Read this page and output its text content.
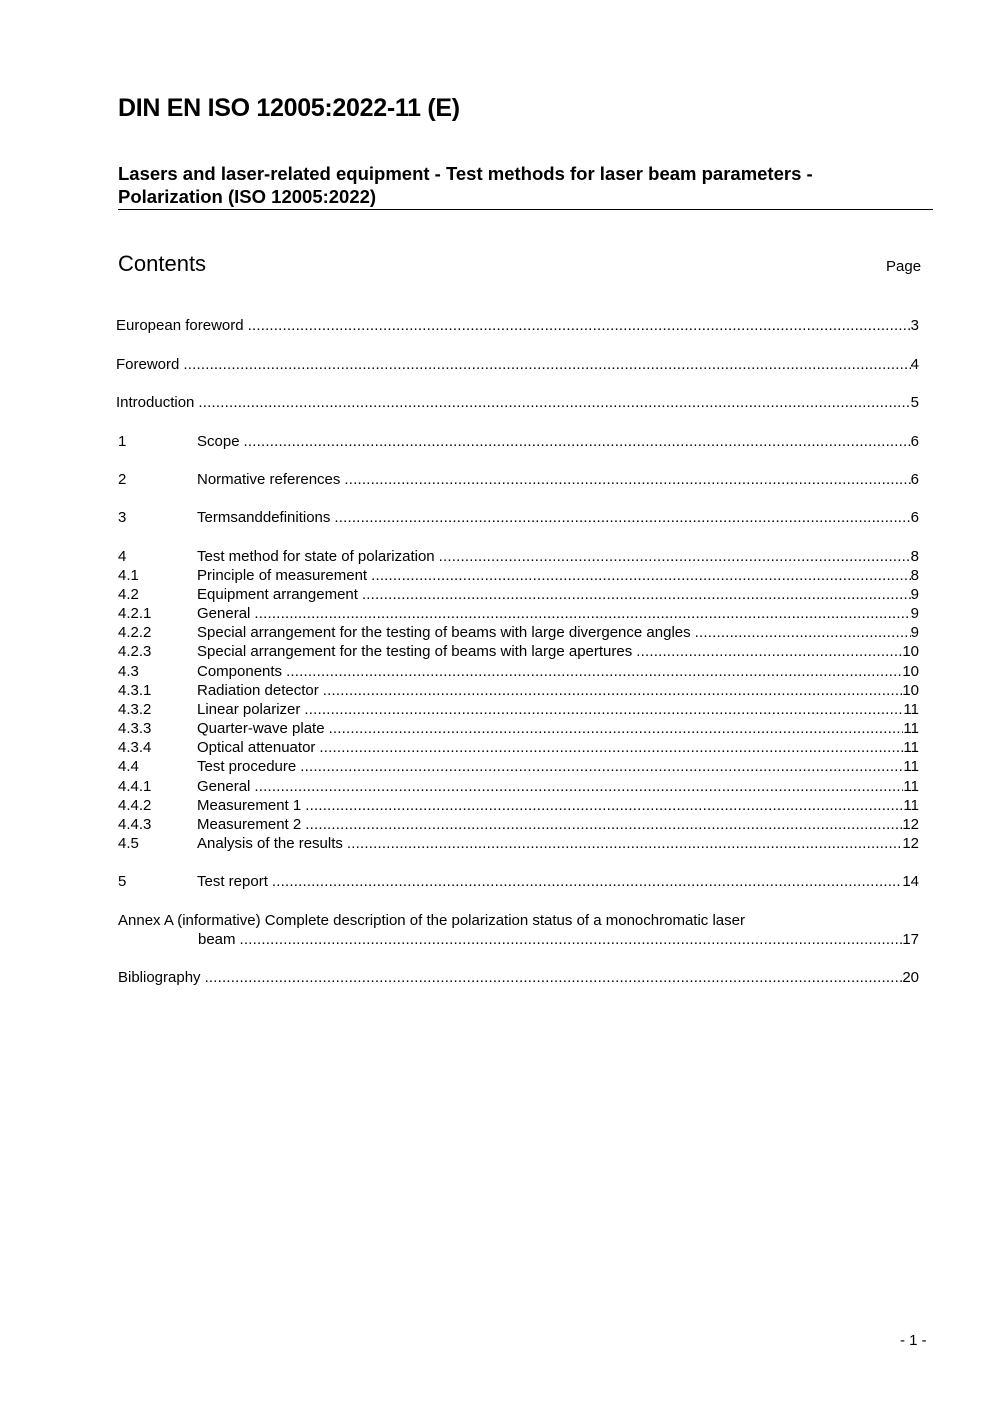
DIN EN ISO 12005:2022-11 (E)
Lasers and laser-related equipment - Test methods for laser beam parameters -
Polarization (ISO 12005:2022)
Contents	Page
European foreword .....	3
Foreword .....	4
Introduction .....	5
1	Scope .....	6
2	Normative references .....	6
3	Termsanddefinitions .....	6
4	Test method for state of polarization .....	8
4.1	Principle of measurement .....	8
4.2	Equipment arrangement .....	9
4.2.1	General .....	9
4.2.2	Special arrangement for the testing of beams with large divergence angles .....	9
4.2.3	Special arrangement for the testing of beams with large apertures .....	10
4.3	Components .....	10
4.3.1	Radiation detector .....	10
4.3.2	Linear polarizer .....	11
4.3.3	Quarter-wave plate .....	11
4.3.4	Optical attenuator .....	11
4.4	Test procedure .....	11
4.4.1	General .....	11
4.4.2	Measurement 1 .....	11
4.4.3	Measurement 2 .....	12
4.5	Analysis of the results .....	12
5	Test report .....	14
Annex A (informative) Complete description of the polarization status of a monochromatic laser
beam .....	17
Bibliography .....	20
- 1 -
